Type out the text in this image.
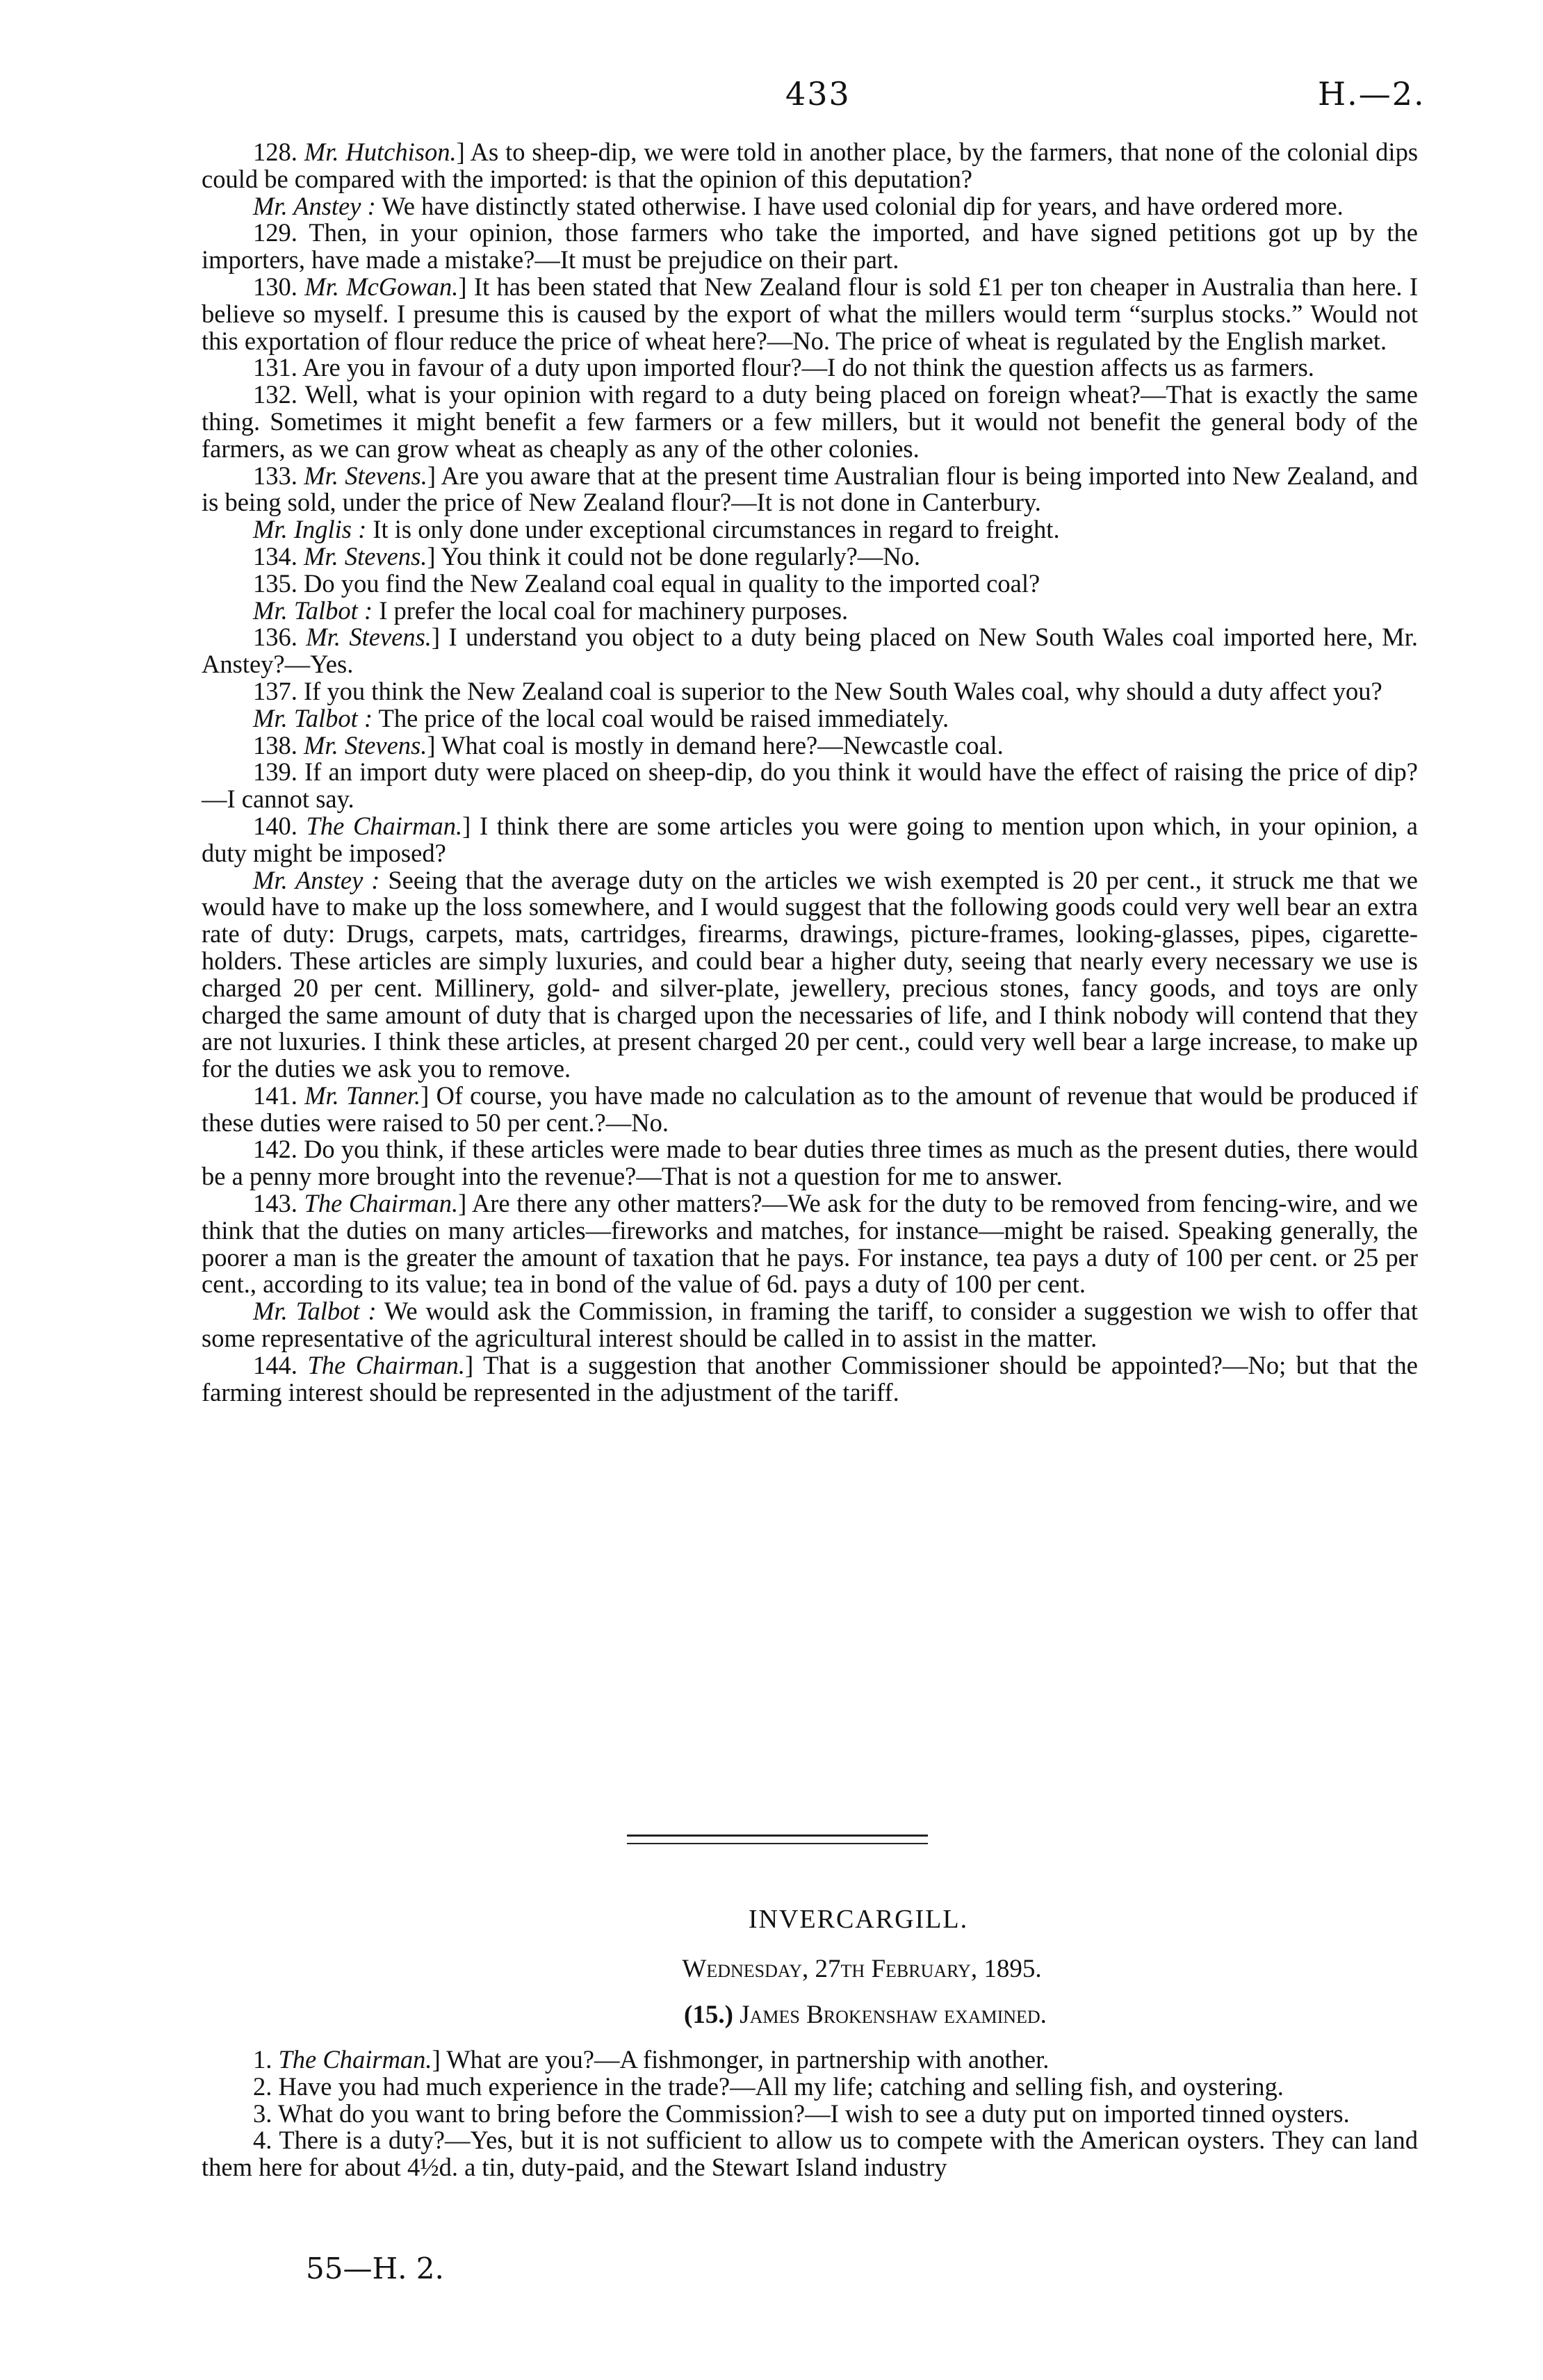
433	H.—2.

128. Mr. Hutchison.] As to sheep-dip, we were told in another place, by the farmers, that none of the colonial dips could be compared with the imported: is that the opinion of this deputation?

Mr. Anstey : We have distinctly stated otherwise. I have used colonial dip for years, and have ordered more.

129. Then, in your opinion, those farmers who take the imported, and have signed petitions got up by the importers, have made a mistake?—It must be prejudice on their part.

130. Mr. McGowan.] It has been stated that New Zealand flour is sold £1 per ton cheaper in Australia than here. I believe so myself. I presume this is caused by the export of what the millers would term “surplus stocks.” Would not this exportation of flour reduce the price of wheat here?—No. The price of wheat is regulated by the English market.

131. Are you in favour of a duty upon imported flour?—I do not think the question affects us as farmers.

132. Well, what is your opinion with regard to a duty being placed on foreign wheat?—That is exactly the same thing. Sometimes it might benefit a few farmers or a few millers, but it would not benefit the general body of the farmers, as we can grow wheat as cheaply as any of the other colonies.

133. Mr. Stevens.] Are you aware that at the present time Australian flour is being imported into New Zealand, and is being sold, under the price of New Zealand flour?—It is not done in Canterbury.

Mr. Inglis : It is only done under exceptional circumstances in regard to freight.

134. Mr. Stevens.] You think it could not be done regularly?—No.

135. Do you find the New Zealand coal equal in quality to the imported coal?

Mr. Talbot : I prefer the local coal for machinery purposes.

136. Mr. Stevens.] I understand you object to a duty being placed on New South Wales coal imported here, Mr. Anstey?—Yes.

137. If you think the New Zealand coal is superior to the New South Wales coal, why should a duty affect you?

Mr. Talbot : The price of the local coal would be raised immediately.

138. Mr. Stevens.] What coal is mostly in demand here?—Newcastle coal.

139. If an import duty were placed on sheep-dip, do you think it would have the effect of raising the price of dip?—I cannot say.

140. The Chairman.] I think there are some articles you were going to mention upon which, in your opinion, a duty might be imposed?

Mr. Anstey : Seeing that the average duty on the articles we wish exempted is 20 per cent., it struck me that we would have to make up the loss somewhere, and I would suggest that the following goods could very well bear an extra rate of duty: Drugs, carpets, mats, cartridges, firearms, drawings, picture-frames, looking-glasses, pipes, cigarette-holders. These articles are simply luxuries, and could bear a higher duty, seeing that nearly every necessary we use is charged 20 per cent. Millinery, gold- and silver-plate, jewellery, precious stones, fancy goods, and toys are only charged the same amount of duty that is charged upon the necessaries of life, and I think nobody will contend that they are not luxuries. I think these articles, at present charged 20 per cent., could very well bear a large increase, to make up for the duties we ask you to remove.

141. Mr. Tanner.] Of course, you have made no calculation as to the amount of revenue that would be produced if these duties were raised to 50 per cent.?—No.

142. Do you think, if these articles were made to bear duties three times as much as the present duties, there would be a penny more brought into the revenue?—That is not a question for me to answer.

143. The Chairman.] Are there any other matters?—We ask for the duty to be removed from fencing-wire, and we think that the duties on many articles—fireworks and matches, for instance—might be raised. Speaking generally, the poorer a man is the greater the amount of taxation that he pays. For instance, tea pays a duty of 100 per cent. or 25 per cent., according to its value; tea in bond of the value of 6d. pays a duty of 100 per cent.

Mr. Talbot : We would ask the Commission, in framing the tariff, to consider a suggestion we wish to offer that some representative of the agricultural interest should be called in to assist in the matter.

144. The Chairman.] That is a suggestion that another Commissioner should be appointed?—No; but that the farming interest should be represented in the adjustment of the tariff.

INVERCARGILL.
Wednesday, 27th February, 1895.
(15.) James Brokenshaw examined.

1. The Chairman.] What are you?—A fishmonger, in partnership with another.

2. Have you had much experience in the trade?—All my life; catching and selling fish, and oystering.

3. What do you want to bring before the Commission?—I wish to see a duty put on imported tinned oysters.

4. There is a duty?—Yes, but it is not sufficient to allow us to compete with the American oysters. They can land them here for about 4½d. a tin, duty-paid, and the Stewart Island industry

55—H. 2.
